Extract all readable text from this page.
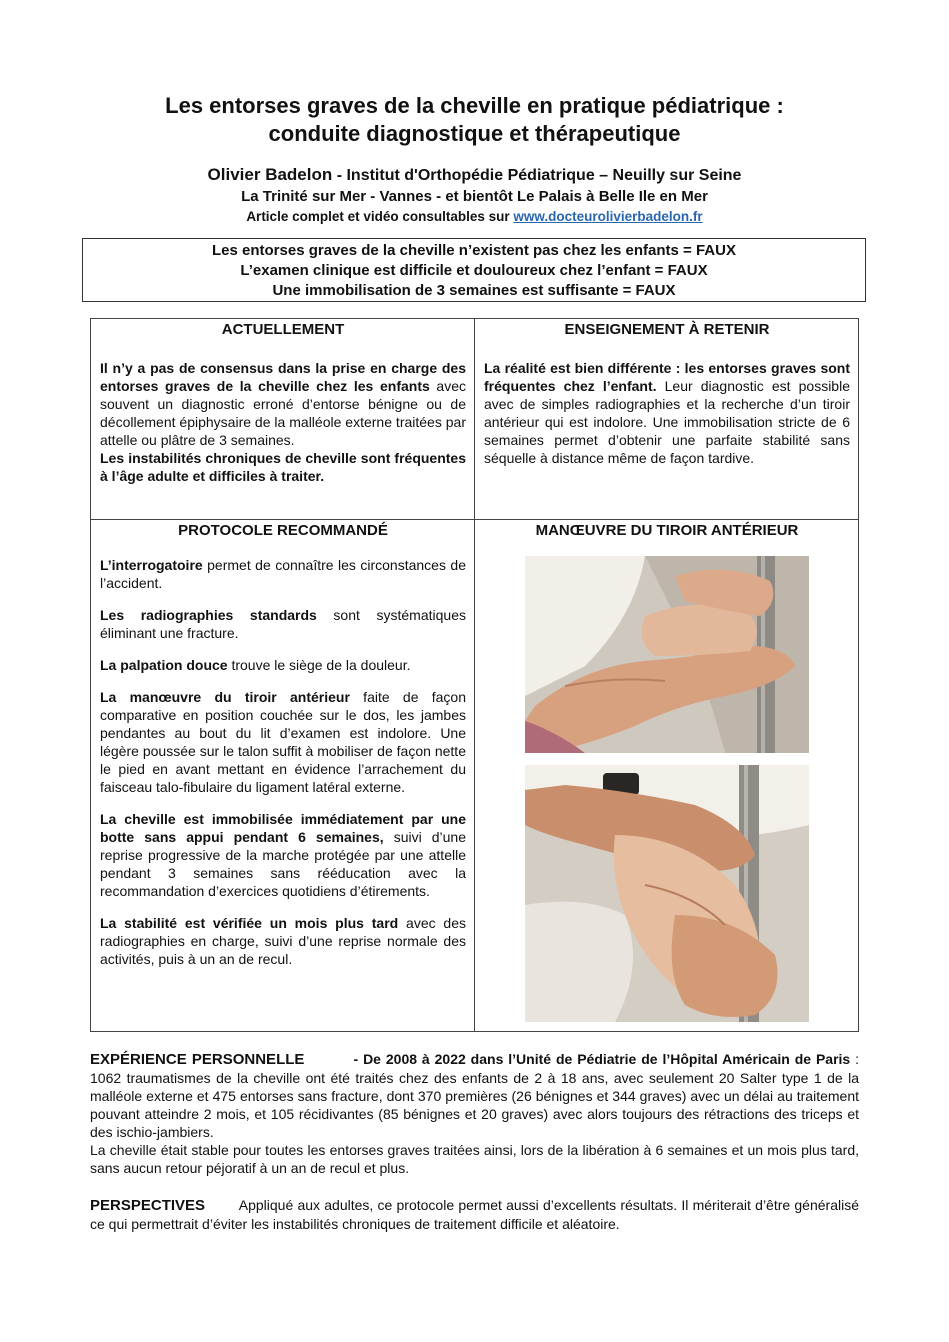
Les entorses graves de la cheville en pratique pédiatrique :
conduite diagnostique et thérapeutique
Olivier Badelon - Institut d'Orthopédie Pédiatrique – Neuilly sur Seine
La Trinité sur Mer - Vannes - et bientôt Le Palais à Belle Ile en Mer
Article complet et vidéo consultables sur www.docteurolivierbadelon.fr
Les entorses graves de la cheville n’existent pas chez les enfants = FAUX
L’examen clinique est difficile et douloureux chez l’enfant = FAUX
Une immobilisation de 3 semaines est suffisante = FAUX
ACTUELLEMENT
Il n’y a pas de consensus dans la prise en charge des entorses graves de la cheville chez les enfants avec souvent un diagnostic erroné d’entorse bénigne ou de décollement épiphysaire de la malléole externe traitées par attelle ou plâtre de 3 semaines.
Les instabilités chroniques de cheville sont fréquentes à l’âge adulte et difficiles à traiter.
ENSEIGNEMENT À RETENIR
La réalité est bien différente : les entorses graves sont fréquentes chez l’enfant. Leur diagnostic est possible avec de simples radiographies et la recherche d’un tiroir antérieur qui est indolore. Une immobilisation stricte de 6 semaines permet d’obtenir une parfaite stabilité sans séquelle à distance même de façon tardive.
PROTOCOLE RECOMMANDÉ

L’interrogatoire permet de connaître les circonstances de l’accident.

Les radiographies standards sont systématiques éliminant une fracture.

La palpation douce trouve le siège de la douleur.

La manœuvre du tiroir antérieur faite de façon comparative en position couchée sur le dos, les jambes pendantes au bout du lit d’examen est indolore. Une légère poussée sur le talon suffit à mobiliser de façon nette le pied en avant mettant en évidence l’arrachement du faisceau talo-fibulaire du ligament latéral externe.

La cheville est immobilisée immédiatement par une botte sans appui pendant 6 semaines, suivi d’une reprise progressive de la marche protégée par une attelle pendant 3 semaines sans rééducation avec la recommandation d’exercices quotidiens d’étirements.

La stabilité est vérifiée un mois plus tard avec des radiographies en charge, suivi d’une reprise normale des activités, puis à un an de recul.

MANŒUVRE DU TIROIR ANTÉRIEUR
EXPÉRIENCE PERSONNELLE	- De 2008 à 2022 dans l’Unité de Pédiatrie de l’Hôpital Américain de Paris : 1062 traumatismes de la cheville ont été traités chez des enfants de 2 à 18 ans, avec seulement 20 Salter type 1 de la malléole externe et 475 entorses sans fracture, dont 370 premières (26 bénignes et 344 graves) avec un délai au traitement pouvant atteindre 2 mois, et 105 récidivantes (85 bénignes et 20 graves) avec alors toujours des rétractions des triceps et des ischio-jambiers.
La cheville était stable pour toutes les entorses graves traitées ainsi, lors de la libération à 6 semaines et un mois plus tard, sans aucun retour péjoratif à un an de recul et plus.
PERSPECTIVES Appliqué aux adultes, ce protocole permet aussi d’excellents résultats. Il mériterait d’être généralisé ce qui permettrait d’éviter les instabilités chroniques de traitement difficile et aléatoire.
